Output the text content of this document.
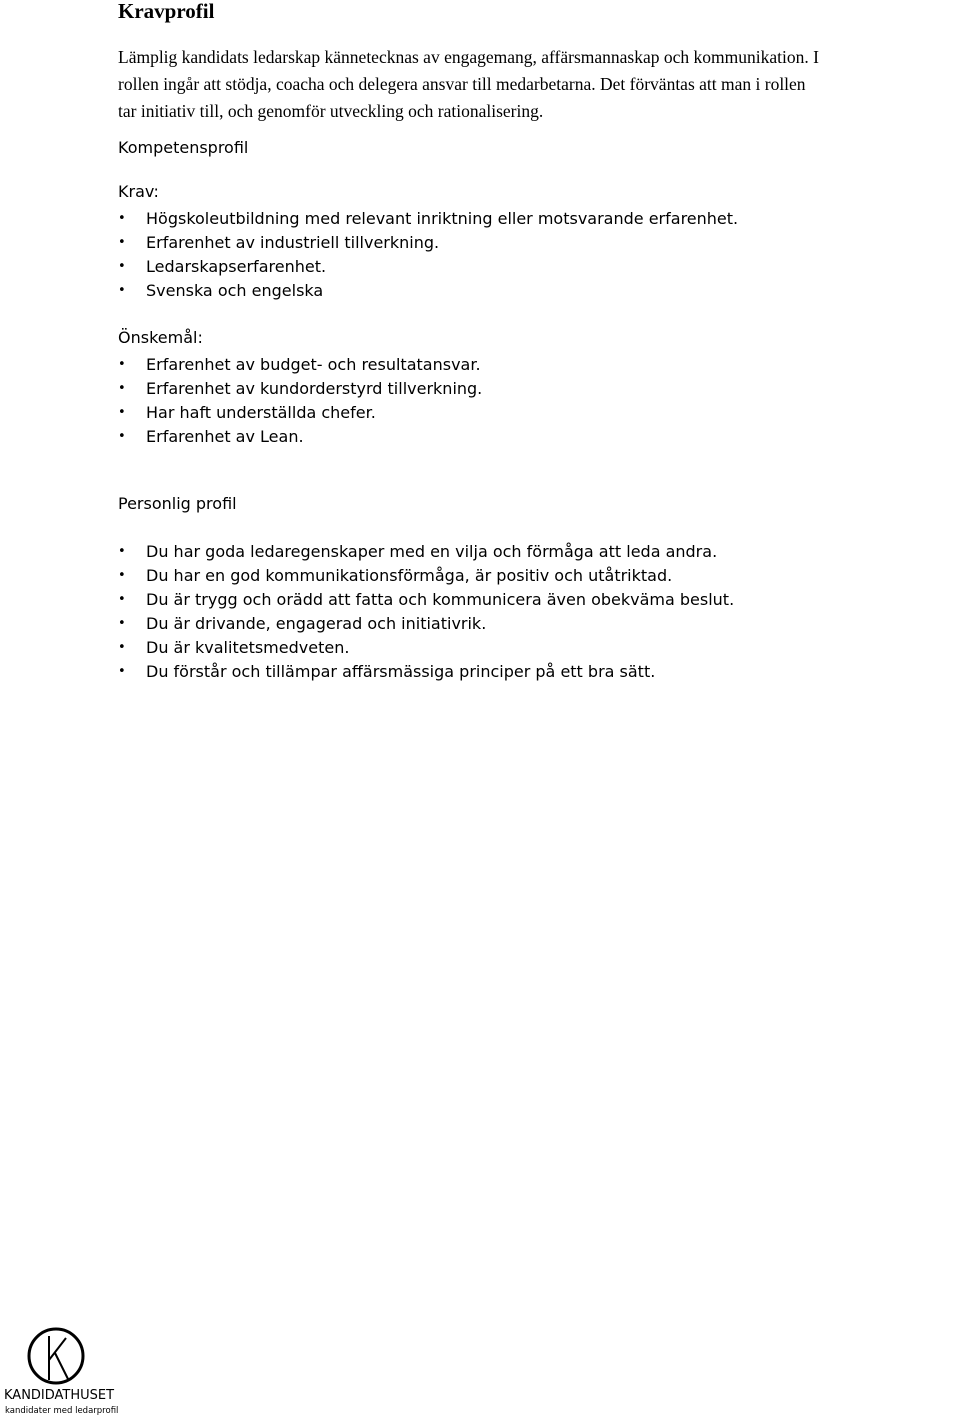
Kravprofil

Lämplig kandidats ledarskap kännetecknas av engagemang, affärsmannaskap och kommunikation. I
rollen ingår att stödja, coacha och delegera ansvar till medarbetarna. Det förväntas att man i rollen
tar initiativ till, och genomför utveckling och rationalisering.

Kompetensprofil
Krav:
• Högskoleutbildning med relevant inriktning eller motsvarande erfarenhet.
• Erfarenhet av industriell tillverkning.
• Ledarskapserfarenhet.
• Svenska och engelska
Önskemål:
• Erfarenhet av budget- och resultatansvar.
• Erfarenhet av kundorderstyrd tillverkning.
• Har haft underställda chefer.
• Erfarenhet av Lean.
Personlig profil
• Du har goda ledaregenskaper med en vilja och förmåga att leda andra.
• Du har en god kommunikationsförmåga, är positiv och utåtriktad.
• Du är trygg och orädd att fatta och kommunicera även obekväma beslut.
• Du är drivande, engagerad och initiativrik.
• Du är kvalitetsmedveten.
• Du förstår och tillämpar affärsmässiga principer på ett bra sätt.
KANDIDATHUSET
kandidater med ledarprofil
